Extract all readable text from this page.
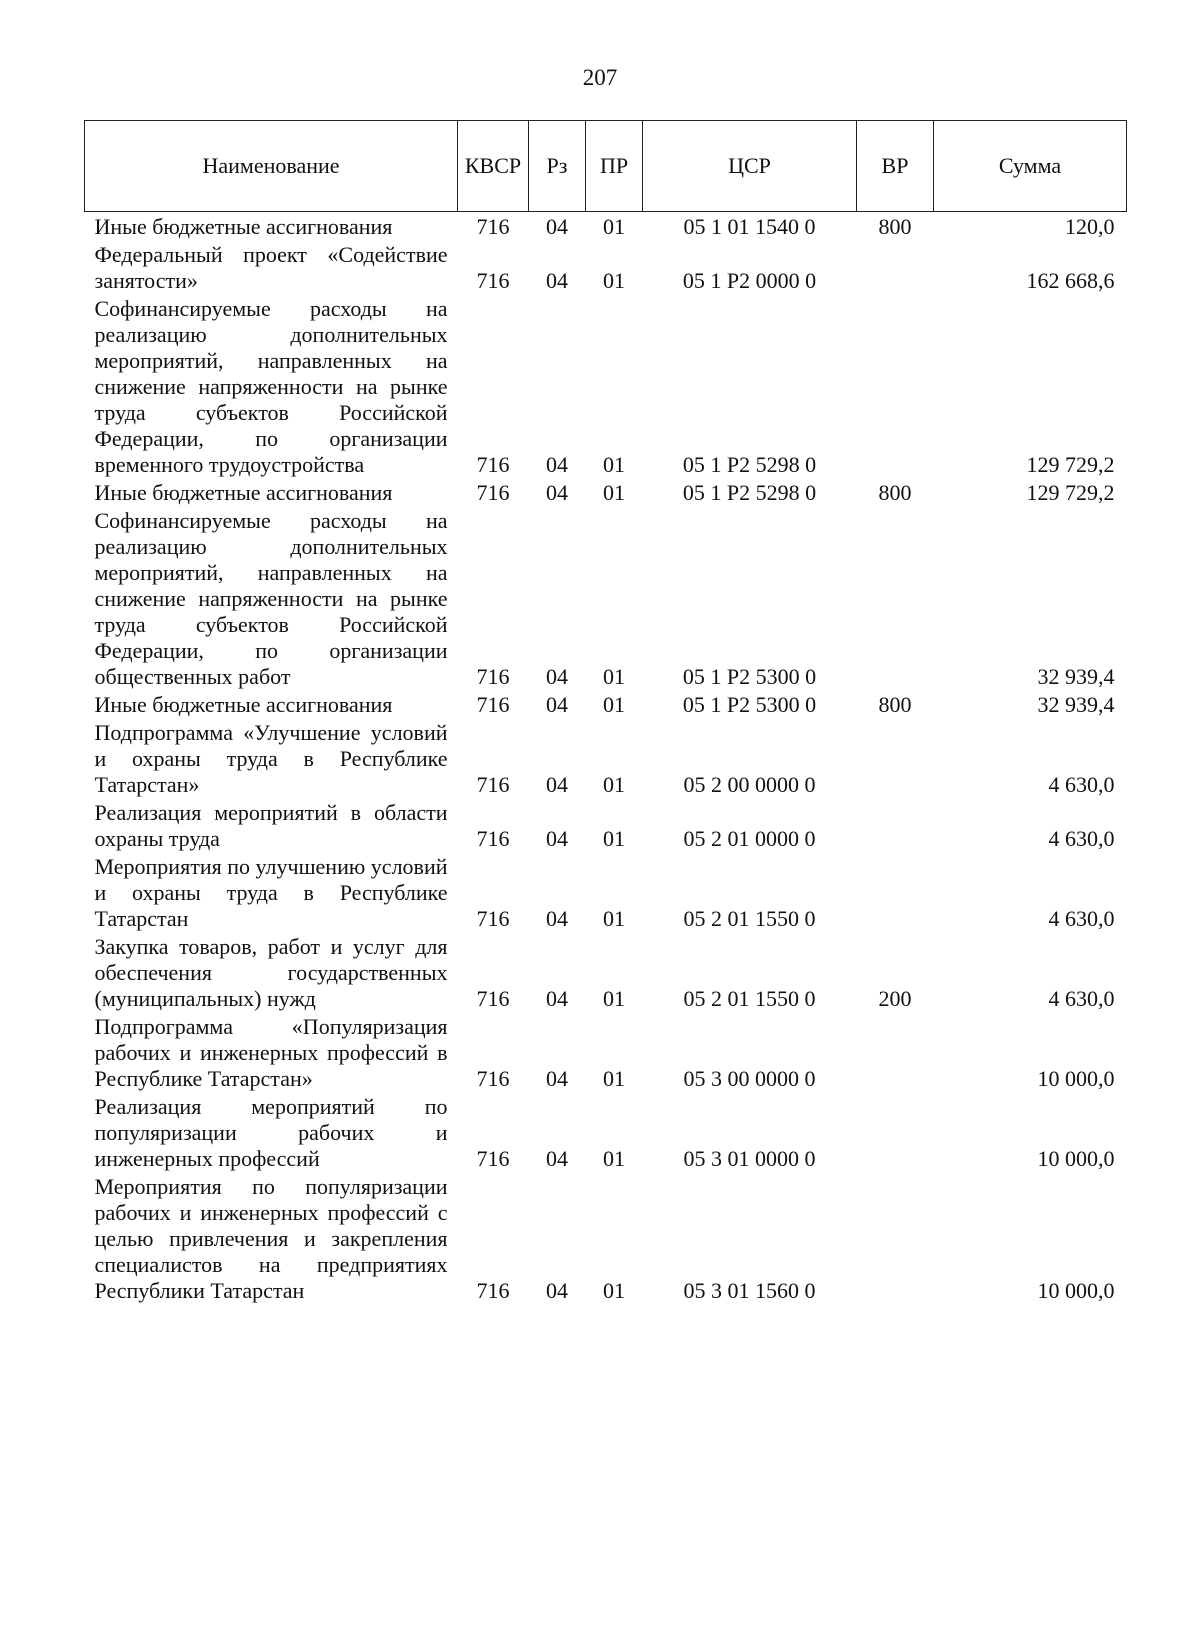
207
Наименование	КВСР	Рз	ПР	ЦСР	ВР	Сумма
Иные бюджетные ассигнования	716	04	01	05 1 01 1540 0	800	120,0
Федеральный проект «Содействие занятости»	716	04	01	05 1 P2 0000 0		162 668,6
Софинансируемые расходы на реализацию дополнительных мероприятий, направленных на снижение напряженности на рынке труда субъектов Российской Федерации, по организации временного трудоустройства	716	04	01	05 1 P2 5298 0		129 729,2
Иные бюджетные ассигнования	716	04	01	05 1 P2 5298 0	800	129 729,2
Софинансируемые расходы на реализацию дополнительных мероприятий, направленных на снижение напряженности на рынке труда субъектов Российской Федерации, по организации общественных работ	716	04	01	05 1 P2 5300 0		32 939,4
Иные бюджетные ассигнования	716	04	01	05 1 P2 5300 0	800	32 939,4
Подпрограмма «Улучшение условий и охраны труда в Республике Татарстан»	716	04	01	05 2 00 0000 0		4 630,0
Реализация мероприятий в области охраны труда	716	04	01	05 2 01 0000 0		4 630,0
Мероприятия по улучшению условий и охраны труда в Республике Татарстан	716	04	01	05 2 01 1550 0		4 630,0
Закупка товаров, работ и услуг для обеспечения государственных (муниципальных) нужд	716	04	01	05 2 01 1550 0	200	4 630,0
Подпрограмма «Популяризация рабочих и инженерных профессий в Республике Татарстан»	716	04	01	05 3 00 0000 0		10 000,0
Реализация мероприятий по популяризации рабочих и инженерных профессий	716	04	01	05 3 01 0000 0		10 000,0
Мероприятия по популяризации рабочих и инженерных профессий с целью привлечения и закрепления специалистов на предприятиях Республики Татарстан	716	04	01	05 3 01 1560 0		10 000,0
